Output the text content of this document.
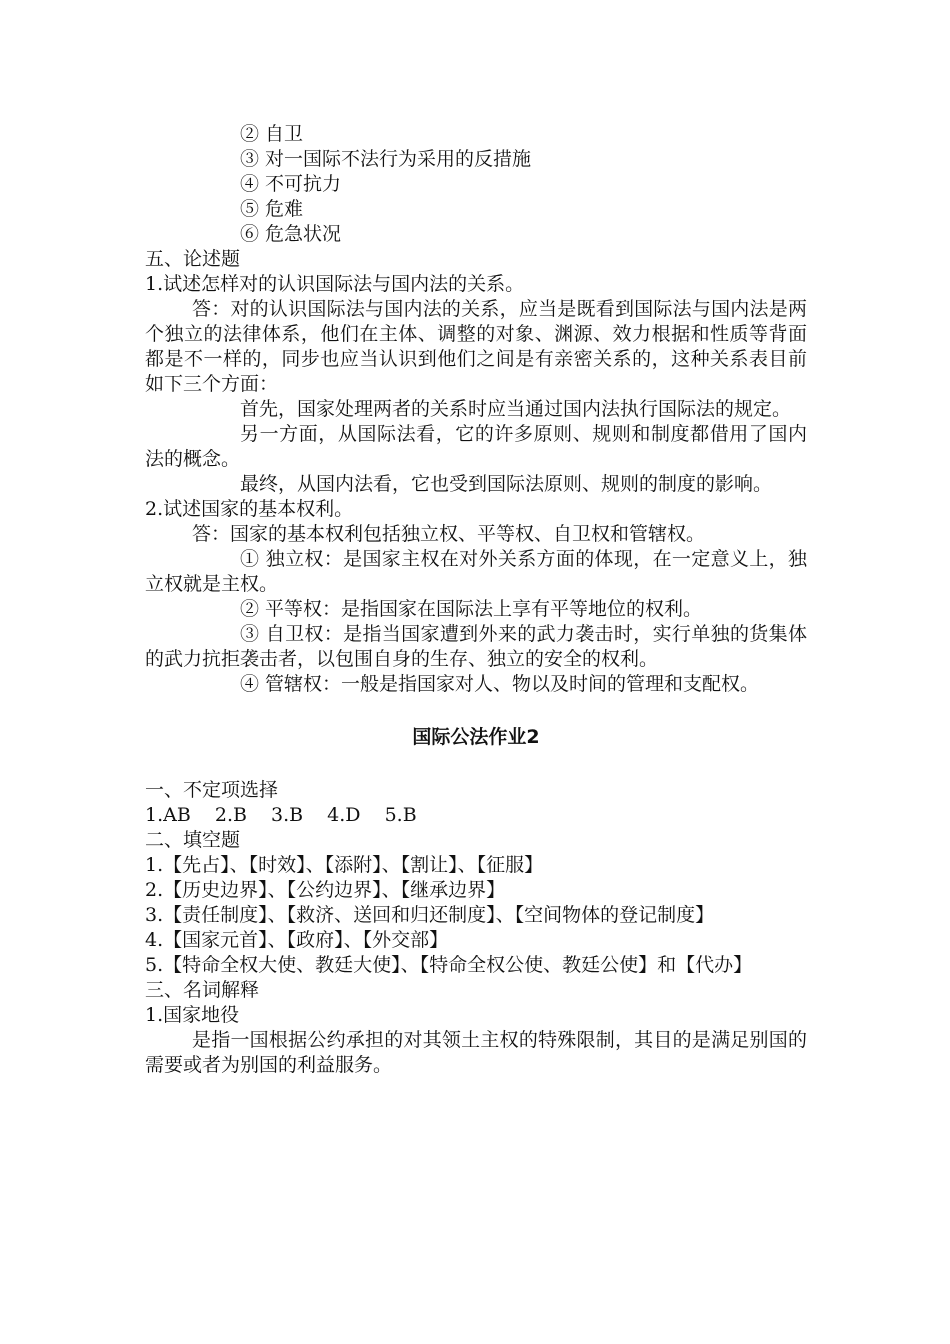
② 自卫

③ 对一国际不法行为采用的反措施

④ 不可抗力

⑤ 危难

⑥ 危急状况

五、论述题

1.试述怎样对的认识国际法与国内法的关系。

答：对的认识国际法与国内法的关系，应当是既看到国际法与国内法是两个独立的法律体系，他们在主体、调整的对象、渊源、效力根据和性质等背面都是不一样的，同步也应当认识到他们之间是有亲密关系的，这种关系表目前如下三个方面：

首先，国家处理两者的关系时应当通过国内法执行国际法的规定。

另一方面，从国际法看，它的许多原则、规则和制度都借用了国内法的概念。

最终，从国内法看，它也受到国际法原则、规则的制度的影响。

2.试述国家的基本权利。

答：国家的基本权利包括独立权、平等权、自卫权和管辖权。

① 独立权：是国家主权在对外关系方面的体现，在一定意义上，独立权就是主权。

② 平等权：是指国家在国际法上享有平等地位的权利。

③ 自卫权：是指当国家遭到外来的武力袭击时，实行单独的货集体的武力抗拒袭击者，以包围自身的生存、独立的安全的权利。

④ 管辖权：一般是指国家对人、物以及时间的管理和支配权。

国际公法作业2

一、不定项选择

1.AB 2.B 3.B 4.D 5.B

二、填空题

1.【先占】、【时效】、【添附】、【割让】、【征服】

2.【历史边界】、【公约边界】、【继承边界】

3.【责任制度】、【救济、送回和归还制度】、【空间物体的登记制度】

4.【国家元首】、【政府】、【外交部】

5.【特命全权大使、教廷大使】、【特命全权公使、教廷公使】和【代办】

三、名词解释

1.国家地役

是指一国根据公约承担的对其领土主权的特殊限制，其目的是满足别国的需要或者为别国的利益服务。
